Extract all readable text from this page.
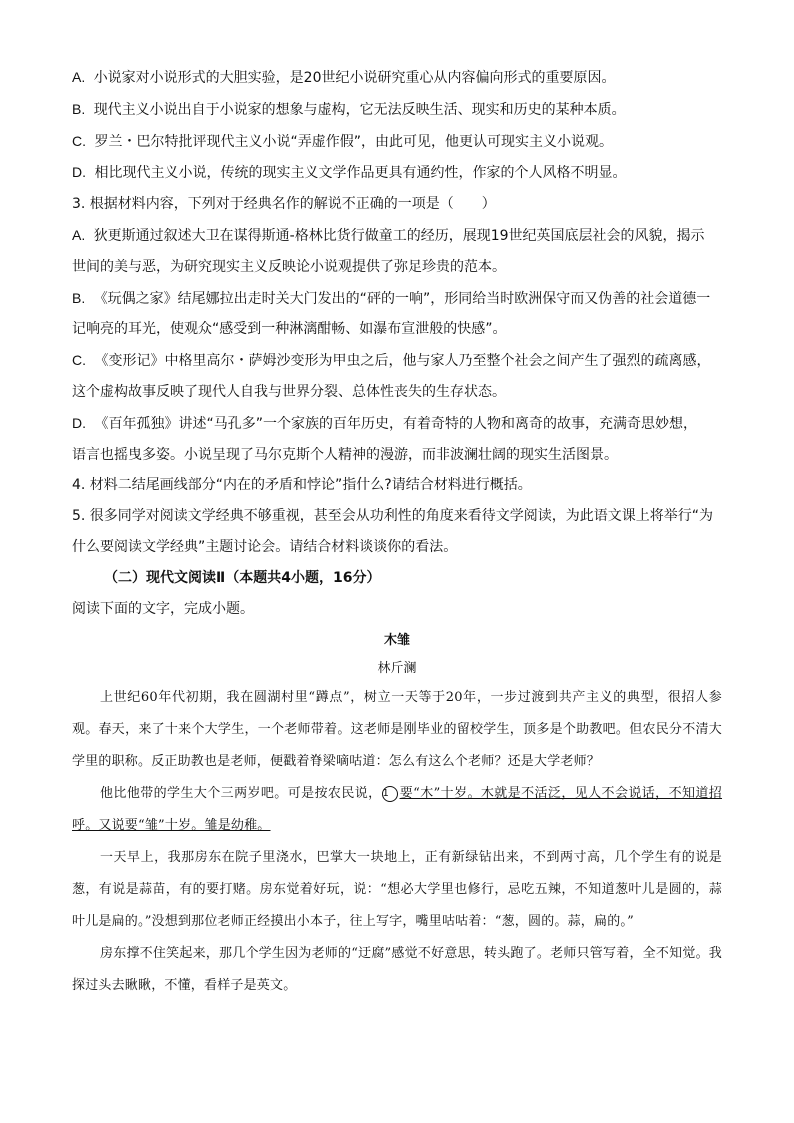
A. 小说家对小说形式的大胆实验，是20世纪小说研究重心从内容偏向形式的重要原因。
B. 现代主义小说出自于小说家的想象与虚构，它无法反映生活、现实和历史的某种本质。
C. 罗兰・巴尔特批评现代主义小说“弄虚作假”，由此可见，他更认可现实主义小说观。
D. 相比现代主义小说，传统的现实主义文学作品更具有通约性，作家的个人风格不明显。
3. 根据材料内容，下列对于经典名作的解说不正确的一项是（　　）
A. 狄更斯通过叙述大卫在谋得斯通-格林比货行做童工的经历，展现19世纪英国底层社会的风貌，揭示
世间的美与恶，为研究现实主义反映论小说观提供了弥足珍贵的范本。
B. 《玩偶之家》结尾娜拉出走时关大门发出的“砰的一响”，形同给当时欧洲保守而又伪善的社会道德一
记响亮的耳光，使观众“感受到一种淋漓酣畅、如瀑布宣泄般的快感”。
C. 《变形记》中格里高尔・萨姆沙变形为甲虫之后，他与家人乃至整个社会之间产生了强烈的疏离感，
这个虚构故事反映了现代人自我与世界分裂、总体性丧失的生存状态。
D. 《百年孤独》讲述“马孔多”一个家族的百年历史，有着奇特的人物和离奇的故事，充满奇思妙想，
语言也摇曳多姿。小说呈现了马尔克斯个人精神的漫游，而非波澜壮阔的现实生活图景。
4. 材料二结尾画线部分“内在的矛盾和悖论”指什么?请结合材料进行概括。
5. 很多同学对阅读文学经典不够重视，甚至会从功利性的角度来看待文学阅读，为此语文课上将举行“为
什么要阅读文学经典”主题讨论会。请结合材料谈谈你的看法。
（二）现代文阅读Ⅱ（本题共4小题，16分）
阅读下面的文字，完成小题。
木雏
林斤澜
上世纪60年代初期，我在圆湖村里“蹲点”，树立一天等于20年，一步过渡到共产主义的典型，很招人参观。春天，来了十来个大学生，一个老师带着。这老师是刚毕业的留校学生，顶多是个助教吧。但农民分不清大学里的职称。反正助教也是老师，便戳着脊梁嘀咕道：怎么有这么个老师？还是大学老师？
他比他带的学生大个三两岁吧。可是按农民说，1 要“木”十岁。木就是不活泛，见人不会说话，不知道招呼。又说要“雏”十岁。雏是幼稚。
一天早上，我那房东在院子里浇水，巴掌大一块地上，正有新绿钻出来，不到两寸高，几个学生有的说是葱，有说是蒜苗，有的要打赌。房东觉着好玩，说：“想必大学里也修行，忌吃五辣，不知道葱叶儿是圆的，蒜叶儿是扁的。”没想到那位老师正经摸出小本子，往上写字，嘴里咕咕着：“葱，圆的。蒜，扁的。”
房东撑不住笑起来，那几个学生因为老师的“迂腐”感觉不好意思，转头跑了。老师只管写着，全不知觉。我探过头去瞅瞅，不懂，看样子是英文。
